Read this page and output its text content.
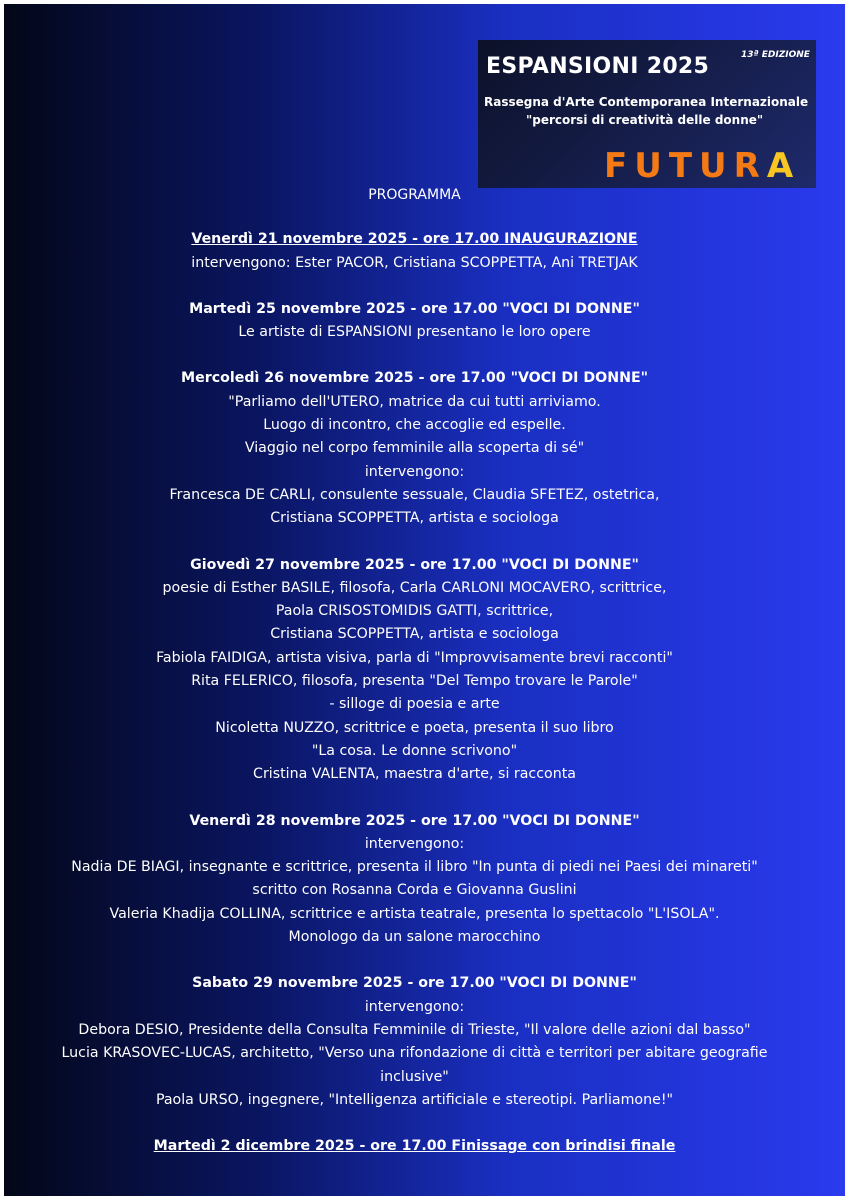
ESPANSIONI 2025	13ª EDIZIONE
Rassegna d'Arte Contemporanea Internazionale
"percorsi di creatività delle donne"
FUTURA
PROGRAMMA
Venerdì 21 novembre 2025 - ore 17.00 INAUGURAZIONE
intervengono: Ester PACOR, Cristiana SCOPPETTA, Ani TRETJAK
Martedì 25 novembre 2025 - ore 17.00 "VOCI DI DONNE"
Le artiste di ESPANSIONI presentano le loro opere
Mercoledì 26 novembre 2025 - ore 17.00 "VOCI DI DONNE"
"Parliamo dell'UTERO, matrice da cui tutti arriviamo.
Luogo di incontro, che accoglie ed espelle.
Viaggio nel corpo femminile alla scoperta di sé"
intervengono:
Francesca DE CARLI, consulente sessuale, Claudia SFETEZ, ostetrica,
Cristiana SCOPPETTA, artista e sociologa
Giovedì 27 novembre 2025 - ore 17.00 "VOCI DI DONNE"
poesie di Esther BASILE, filosofa, Carla CARLONI MOCAVERO, scrittrice,
Paola CRISOSTOMIDIS GATTI, scrittrice,
Cristiana SCOPPETTA, artista e sociologa
Fabiola FAIDIGA, artista visiva, parla di "Improvvisamente brevi racconti"
Rita FELERICO, filosofa, presenta "Del Tempo trovare le Parole"
- silloge di poesia e arte
Nicoletta NUZZO, scrittrice e poeta, presenta il suo libro
"La cosa. Le donne scrivono"
Cristina VALENTA, maestra d'arte, si racconta
Venerdì 28 novembre 2025 - ore 17.00 "VOCI DI DONNE"
intervengono:
Nadia DE BIAGI, insegnante e scrittrice, presenta il libro "In punta di piedi nei Paesi dei minareti"
scritto con Rosanna Corda e Giovanna Guslini
Valeria Khadija COLLINA, scrittrice e artista teatrale, presenta lo spettacolo "L'ISOLA".
Monologo da un salone marocchino
Sabato 29 novembre 2025 - ore 17.00 "VOCI DI DONNE"
intervengono:
Debora DESIO, Presidente della Consulta Femminile di Trieste, "Il valore delle azioni dal basso"
Lucia KRASOVEC-LUCAS, architetto, "Verso una rifondazione di città e territori per abitare geografie
inclusive"
Paola URSO, ingegnere, "Intelligenza artificiale e stereotipi. Parliamone!"
Martedì 2 dicembre 2025 - ore 17.00 Finissage con brindisi finale
